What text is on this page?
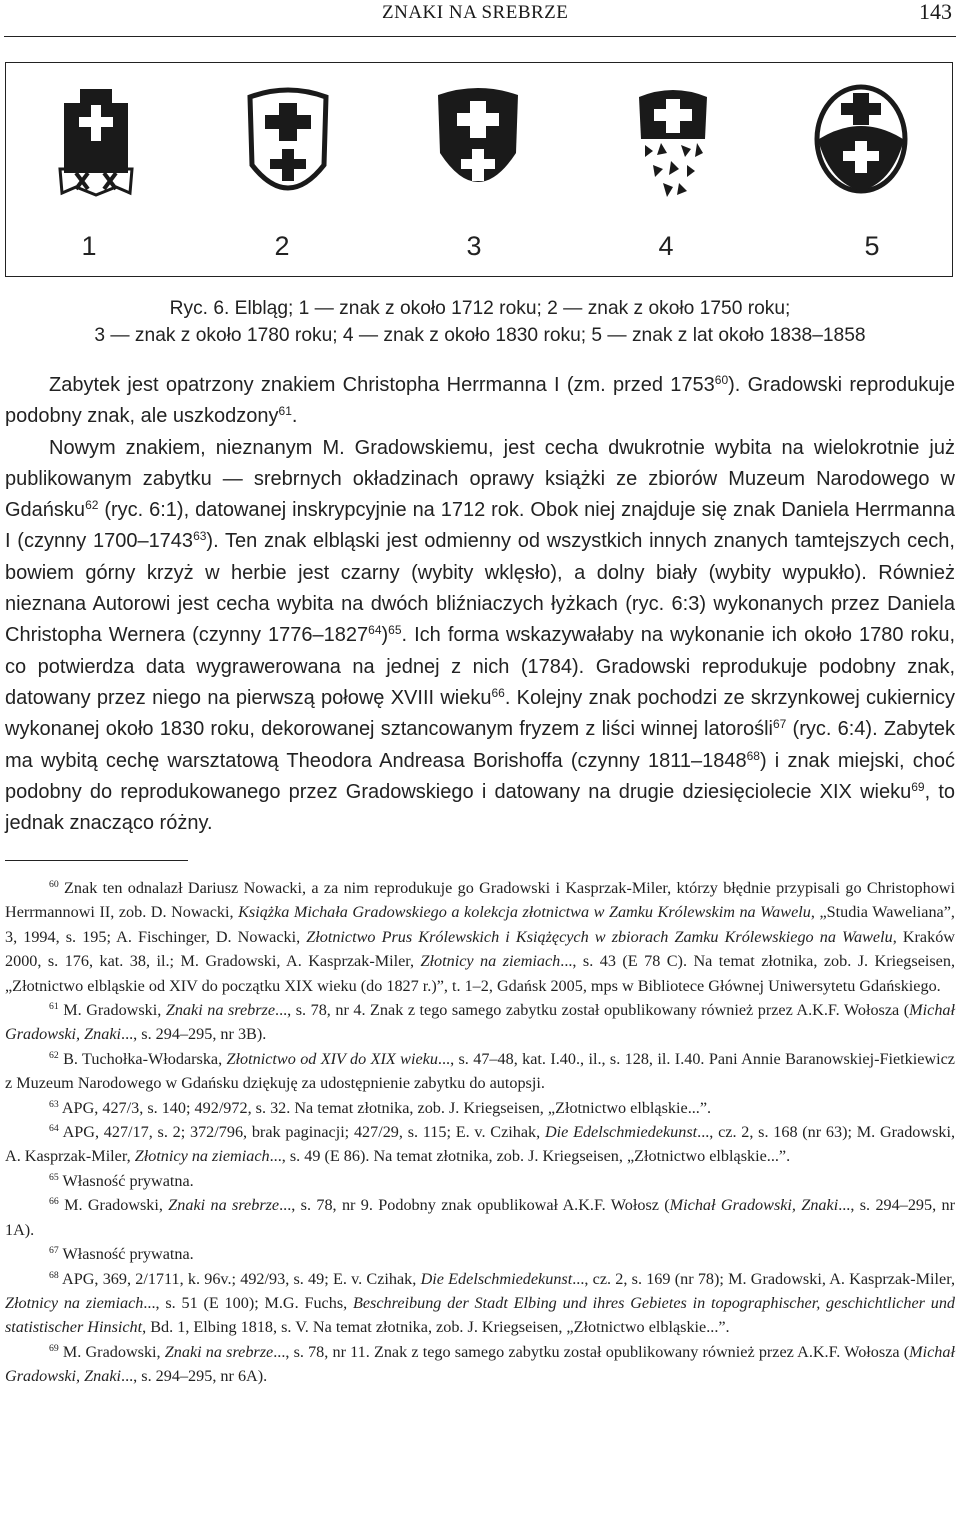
ZNAKI NA SREBRZE	143
1	2	3	4	5
Ryc. 6. Elbląg; 1 — znak z około 1712 roku; 2 — znak z około 1750 roku;
3 — znak z około 1780 roku; 4 — znak z około 1830 roku; 5 — znak z lat około 1838–1858

Zabytek jest opatrzony znakiem Christopha Herrmanna I (zm. przed 1753$^{60}$). Gradowski reprodukuje podobny znak, ale uszkodzony$^{61}$.

Nowym znakiem, nieznanym M. Gradowskiemu, jest cecha dwukrotnie wybita na wielokrotnie już publikowanym zabytku — srebrnych okładzinach oprawy książki ze zbiorów Muzeum Narodowego w Gdańsku$^{62}$ (ryc. 6:1), datowanej inskrypcyjnie na 1712 rok. Obok niej znajduje się znak Daniela Herrmanna I (czynny 1700–1743$^{63}$). Ten znak elbląski jest odmienny od wszystkich innych znanych tamtejszych cech, bowiem górny krzyż w herbie jest czarny (wybity wklęsło), a dolny biały (wybity wypukło). Również nieznana Autorowi jest cecha wybita na dwóch bliźniaczych łyżkach (ryc. 6:3) wykonanych przez Daniela Christopha Wernera (czynny 1776–1827$^{64}$)$^{65}$. Ich forma wskazywałaby na wykonanie ich około 1780 roku, co potwierdza data wygrawerowana na jednej z nich (1784). Gradowski reprodukuje podobny znak, datowany przez niego na pierwszą połowę XVIII wieku$^{66}$. Kolejny znak pochodzi ze skrzynkowej cukiernicy wykonanej około 1830 roku, dekorowanej sztancowanym fryzem z liści winnej latorośli$^{67}$ (ryc. 6:4). Zabytek ma wybitą cechę warsztatową Theodora Andreasa Borishoffa (czynny 1811–1848$^{68}$) i znak miejski, choć podobny do reprodukowanego przez Gradowskiego i datowany na drugie dziesięciolecie XIX wieku$^{69}$, to jednak znacząco różny.

$^{60}$ Znak ten odnalazł Dariusz Nowacki, a za nim reprodukuje go Gradowski i Kasprzak-Miler, którzy błędnie przypisali go Christophowi Herrmannowi II, zob. D. Nowacki, Książka Michała Gradowskiego a kolekcja złotnictwa w Zamku Królewskim na Wawelu, „Studia Waweliana”, 3, 1994, s. 195; A. Fischinger, D. Nowacki, Złotnictwo Prus Królewskich i Książęcych w zbiorach Zamku Królewskiego na Wawelu, Kraków 2000, s. 176, kat. 38, il.; M. Gradowski, A. Kasprzak-Miler, Złotnicy na ziemiach..., s. 43 (E 78 C). Na temat złotnika, zob. J. Kriegseisen, „Złotnictwo elbląskie od XIV do początku XIX wieku (do 1827 r.)”, t. 1–2, Gdańsk 2005, mps w Bibliotece Głównej Uniwersytetu Gdańskiego.

$^{61}$ M. Gradowski, Znaki na srebrze..., s. 78, nr 4. Znak z tego samego zabytku został opublikowany również przez A.K.F. Wołosza (Michał Gradowski, Znaki..., s. 294–295, nr 3B).

$^{62}$ B. Tuchołka-Włodarska, Złotnictwo od XIV do XIX wieku..., s. 47–48, kat. I.40., il., s. 128, il. I.40. Pani Annie Baranowskiej-Fietkiewicz z Muzeum Narodowego w Gdańsku dziękuję za udostępnienie zabytku do autopsji.

$^{63}$ APG, 427/3, s. 140; 492/972, s. 32. Na temat złotnika, zob. J. Kriegseisen, „Złotnictwo elbląskie...”.

$^{64}$ APG, 427/17, s. 2; 372/796, brak paginacji; 427/29, s. 115; E. v. Czihak, Die Edelschmiedekunst..., cz. 2, s. 168 (nr 63); M. Gradowski, A. Kasprzak-Miler, Złotnicy na ziemiach..., s. 49 (E 86). Na temat złotnika, zob. J. Kriegseisen, „Złotnictwo elbląskie...”.

$^{65}$ Własność prywatna.

$^{66}$ M. Gradowski, Znaki na srebrze..., s. 78, nr 9. Podobny znak opublikował A.K.F. Wołosz (Michał Gradowski, Znaki..., s. 294–295, nr 1A).

$^{67}$ Własność prywatna.

$^{68}$ APG, 369, 2/1711, k. 96v.; 492/93, s. 49; E. v. Czihak, Die Edelschmiedekunst..., cz. 2, s. 169 (nr 78); M. Gradowski, A. Kasprzak-Miler, Złotnicy na ziemiach..., s. 51 (E 100); M.G. Fuchs, Beschreibung der Stadt Elbing und ihres Gebietes in topographischer, geschichtlicher und statistischer Hinsicht, Bd. 1, Elbing 1818, s. V. Na temat złotnika, zob. J. Kriegseisen, „Złotnictwo elbląskie...”.

$^{69}$ M. Gradowski, Znaki na srebrze..., s. 78, nr 11. Znak z tego samego zabytku został opublikowany również przez A.K.F. Wołosza (Michał Gradowski, Znaki..., s. 294–295, nr 6A).
